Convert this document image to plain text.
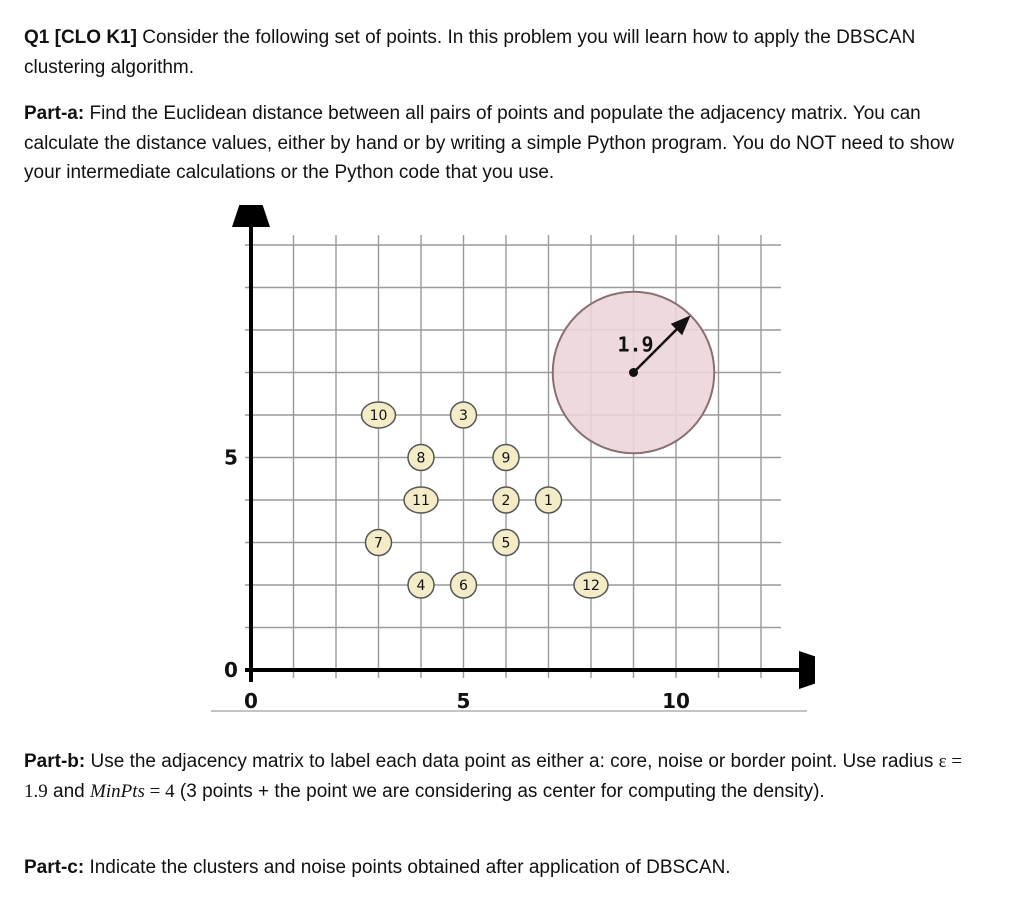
Q1 [CLO K1] Consider the following set of points. In this problem you will learn how to apply the DBSCAN clustering algorithm.

Part-a: Find the Euclidean distance between all pairs of points and populate the adjacency matrix. You can calculate the distance values, either by hand or by writing a simple Python program. You do NOT need to show your intermediate calculations or the Python code that you use.

1.9
0	5	10
0
5
1
2
3
4
5
6
7
8	9
10
11
12

Part-b: Use the adjacency matrix to label each data point as either a: core, noise or border point. Use radius ε = 1.9 and MinPts = 4 (3 points + the point we are considering as center for computing the density).

Part-c: Indicate the clusters and noise points obtained after application of DBSCAN.
